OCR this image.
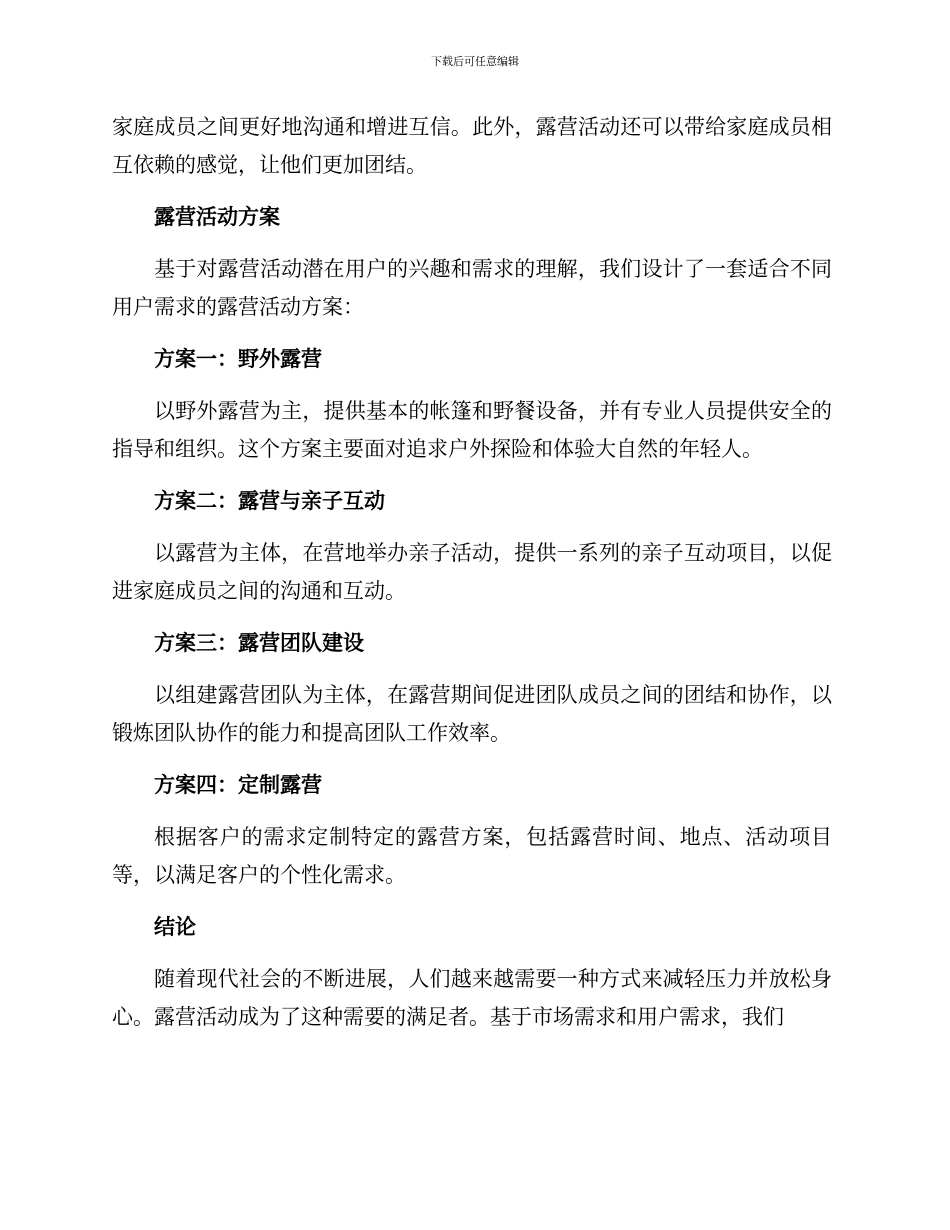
下载后可任意编辑

家庭成员之间更好地沟通和增进互信。此外，露营活动还可以带给家庭成员相互依赖的感觉，让他们更加团结。

露营活动方案

基于对露营活动潜在用户的兴趣和需求的理解，我们设计了一套适合不同用户需求的露营活动方案：

方案一：野外露营

以野外露营为主，提供基本的帐篷和野餐设备，并有专业人员提供安全的指导和组织。这个方案主要面对追求户外探险和体验大自然的年轻人。

方案二：露营与亲子互动

以露营为主体，在营地举办亲子活动，提供一系列的亲子互动项目，以促进家庭成员之间的沟通和互动。

方案三：露营团队建设

以组建露营团队为主体，在露营期间促进团队成员之间的团结和协作，以锻炼团队协作的能力和提高团队工作效率。

方案四：定制露营

根据客户的需求定制特定的露营方案，包括露营时间、地点、活动项目等，以满足客户的个性化需求。

结论

随着现代社会的不断进展，人们越来越需要一种方式来减轻压力并放松身心。露营活动成为了这种需要的满足者。基于市场需求和用户需求，我们
